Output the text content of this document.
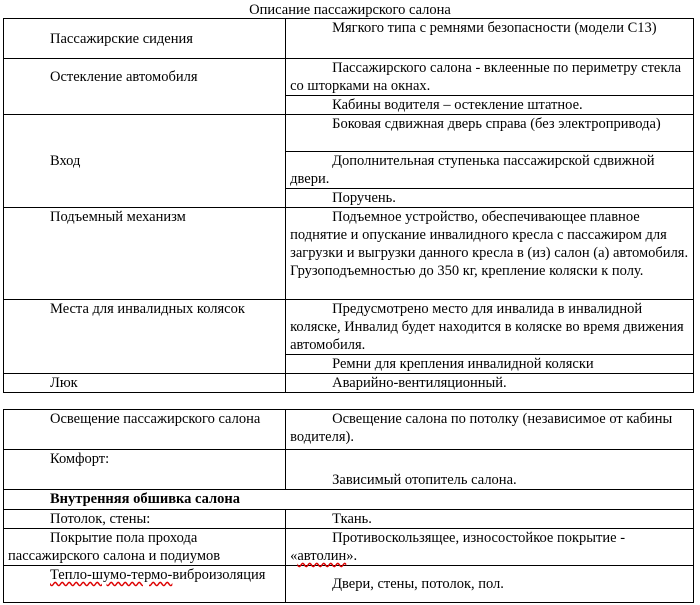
Описание пассажирского салона
Пассажирские сидения	Мягкого типа с ремнями безопасности (модели С13)
Остекление автомобиля	Пассажирского салона - вклеенные по периметру стекла со шторками на окнах.
	Кабины водителя – остекление штатное.
Вход	Боковая сдвижная дверь справа (без электропривода)
	Дополнительная ступенька пассажирской сдвижной двери.
	Поручень.
Подъемный механизм	Подъемное устройство, обеспечивающее плавное поднятие и опускание инвалидного кресла с пассажиром для загрузки и выгрузки данного кресла в (из) салон (а) автомобиля. Грузоподъемностью до 350 кг, крепление коляски к полу.
Места для инвалидных колясок	Предусмотрено место для инвалида в инвалидной коляске, Инвалид будет находится в коляске во время движения автомобиля.
	Ремни для крепления инвалидной коляски
Люк	Аварийно-вентиляционный.
Освещение пассажирского салона	Освещение салона по потолку (независимое от кабины водителя).
Комфорт:	Зависимый отопитель салона.
Внутренняя обшивка салона	
Потолок, стены:	Ткань.
Покрытие пола прохода пассажирского салона и подиумов	Противоскользящее, износостойкое покрытие - «автолин».
Тепло-шумо-термо-виброизоляция	Двери, стены, потолок, пол.
